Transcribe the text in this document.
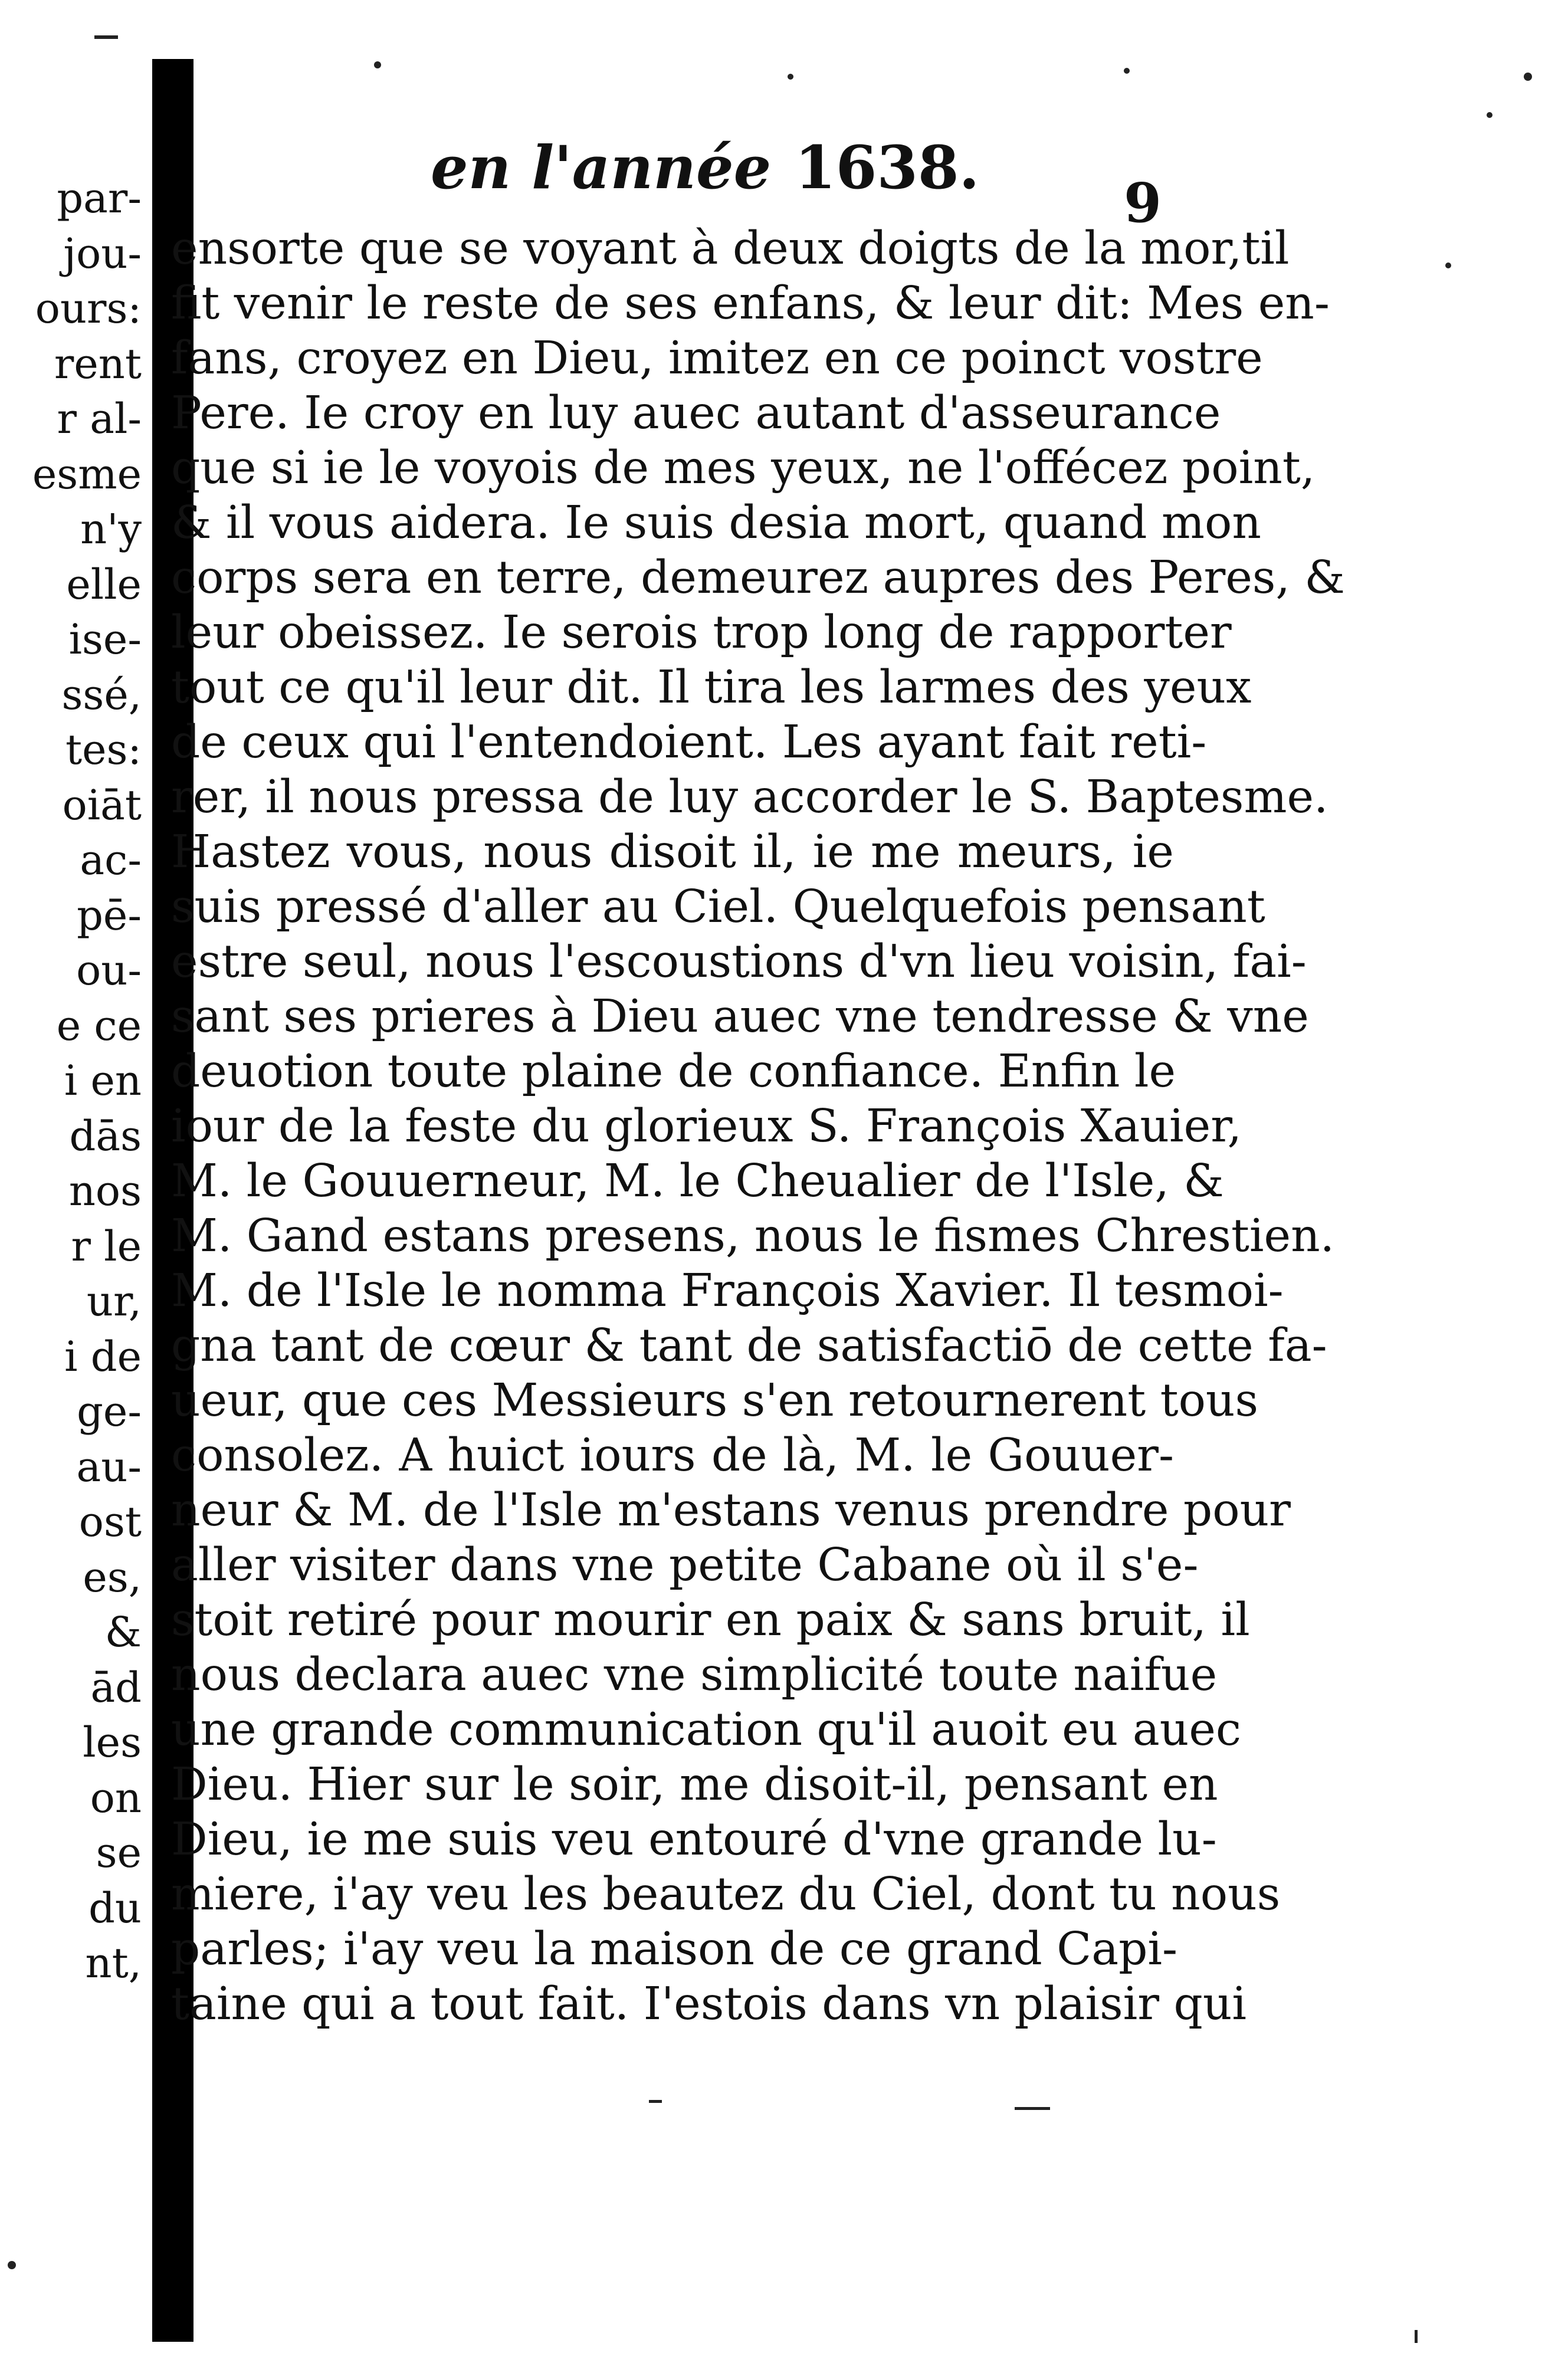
par-
jou-
ours:
rent
r al-
esme
n'y
elle
ise-
ssé,
tes:
oiāt
ac-
pē-
ou-
e ce
i en
dās
nos
r le
ur,
i de
ge-
au-
ost
es,
&
ād
les
on
se
du
nt,
en l'année 1638.
9
ensorte que se voyant à deux doigts de la mor,til
fit venir le reste de ses enfans, & leur dit: Mes en-
fans, croyez en Dieu, imitez en ce poinct vostre
Pere. Ie croy en luy auec autant d'asseurance
que si ie le voyois de mes yeux, ne l'offécez point,
& il vous aidera. Ie suis desia mort, quand mon
corps sera en terre, demeurez aupres des Peres, &
leur obeissez. Ie serois trop long de rapporter
tout ce qu'il leur dit. Il tira les larmes des yeux
de ceux qui l'entendoient. Les ayant fait reti-
rer, il nous pressa de luy accorder le S. Baptesme.
Hastez vous, nous disoit il, ie me meurs, ie
suis pressé d'aller au Ciel. Quelquefois pensant
estre seul, nous l'escoustions d'vn lieu voisin, fai-
sant ses prieres à Dieu auec vne tendresse & vne
deuotion toute plaine de confiance. Enfin le
iour de la feste du glorieux S. François Xauier,
M. le Gouuerneur, M. le Cheualier de l'Isle, &
M. Gand estans presens, nous le fismes Chrestien.
M. de l'Isle le nomma François Xavier. Il tesmoi-
gna tant de cœur & tant de satisfactiō de cette fa-
ueur, que ces Messieurs s'en retournerent tous
consolez. A huict iours de là, M. le Gouuer-
neur & M. de l'Isle m'estans venus prendre pour
aller visiter dans vne petite Cabane où il s'e-
stoit retiré pour mourir en paix & sans bruit, il
nous declara auec vne simplicité toute naifue
une grande communication qu'il auoit eu auec
Dieu. Hier sur le soir, me disoit-il, pensant en
Dieu, ie me suis veu entouré d'vne grande lu-
miere, i'ay veu les beautez du Ciel, dont tu nous
parles; i'ay veu la maison de ce grand Capi-
taine qui a tout fait. I'estois dans vn plaisir qui
